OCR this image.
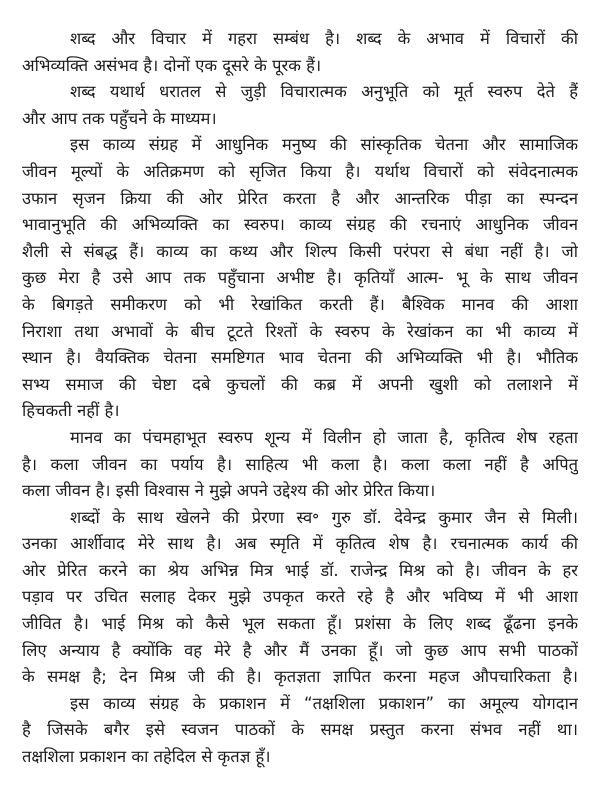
शब्द और विचार में गहरा सम्बंध है। शब्द के अभाव में विचारों की
अभिव्यक्ति असंभव है। दोनों एक दूसरे के पूरक हैं।
शब्द यथार्थ धरातल से जुड़ी विचारात्मक अनुभूति को मूर्त स्वरुप देते हैं
और आप तक पहुँचने के माध्यम।
इस काव्य संग्रह में आधुनिक मनुष्य की सांस्कृतिक चेतना और सामाजिक
जीवन मूल्यों के अतिक्रमण को सृजित किया है। यर्थाथ विचारों को संवेदनात्मक
उफान सृजन क्रिया की ओर प्रेरित करता है और आन्तरिक पीड़ा का स्पन्दन
भावानुभूति की अभिव्यक्ति का स्वरुप। काव्य संग्रह की रचनाएं आधुनिक जीवन
शैली से संबद्ध हैं। काव्य का कथ्य और शिल्प किसी परंपरा से बंधा नहीं है। जो
कुछ मेरा है उसे आप तक पहुँचाना अभीष्ट है। कृतियाँ आत्म- भू के साथ जीवन
के बिगड़ते समीकरण को भी रेखांकित करती हैं। बैश्विक मानव की आशा
निराशा तथा अभावों के बीच टूटते रिश्तों के स्वरुप के रेखांकन का भी काव्य में
स्थान है। वैयक्तिक चेतना समष्टिगत भाव चेतना की अभिव्यक्ति भी है। भौतिक
सभ्य समाज की चेष्टा दबे कुचलों की कब्र में अपनी खुशी को तलाशने में
हिचकती नहीं है।
मानव का पंचमहाभूत स्वरुप शून्य में विलीन हो जाता है, कृतित्व शेष रहता
है। कला जीवन का पर्याय है। साहित्य भी कला है। कला कला नहीं है अपितु
कला जीवन है। इसी विश्वास ने मुझे अपने उद्देश्य की ओर प्रेरित किया।
शब्दों के साथ खेलने की प्रेरणा स्व॰ गुरु डॉ. देवेन्द्र कुमार जैन से मिली।
उनका आर्शीवाद मेरे साथ है। अब स्मृति में कृतित्व शेष है। रचनात्मक कार्य की
ओर प्रेरित करने का श्रेय अभिन्न मित्र भाई डॉ. राजेन्द्र मिश्र को है। जीवन के हर
पड़ाव पर उचित सलाह देकर मुझे उपकृत करते रहे है और भविष्य में भी आशा
जीवित है। भाई मिश्र को कैसे भूल सकता हूँ। प्रशंसा के लिए शब्द ढूँढना इनके
लिए अन्याय है क्योंकि वह मेरे है और मैं उनका हूँ। जो कुछ आप सभी पाठकों
के समक्ष है; देन मिश्र जी की है। कृतज्ञता ज्ञापित करना महज औपचारिकता है।
इस काव्य संग्रह के प्रकाशन में “तक्षशिला प्रकाशन” का अमूल्य योगदान
है जिसके बगैर इसे स्वजन पाठकों के समक्ष प्रस्तुत करना संभव नहीं था।
तक्षशिला प्रकाशन का तहेदिल से कृतज्ञ हूँ।
